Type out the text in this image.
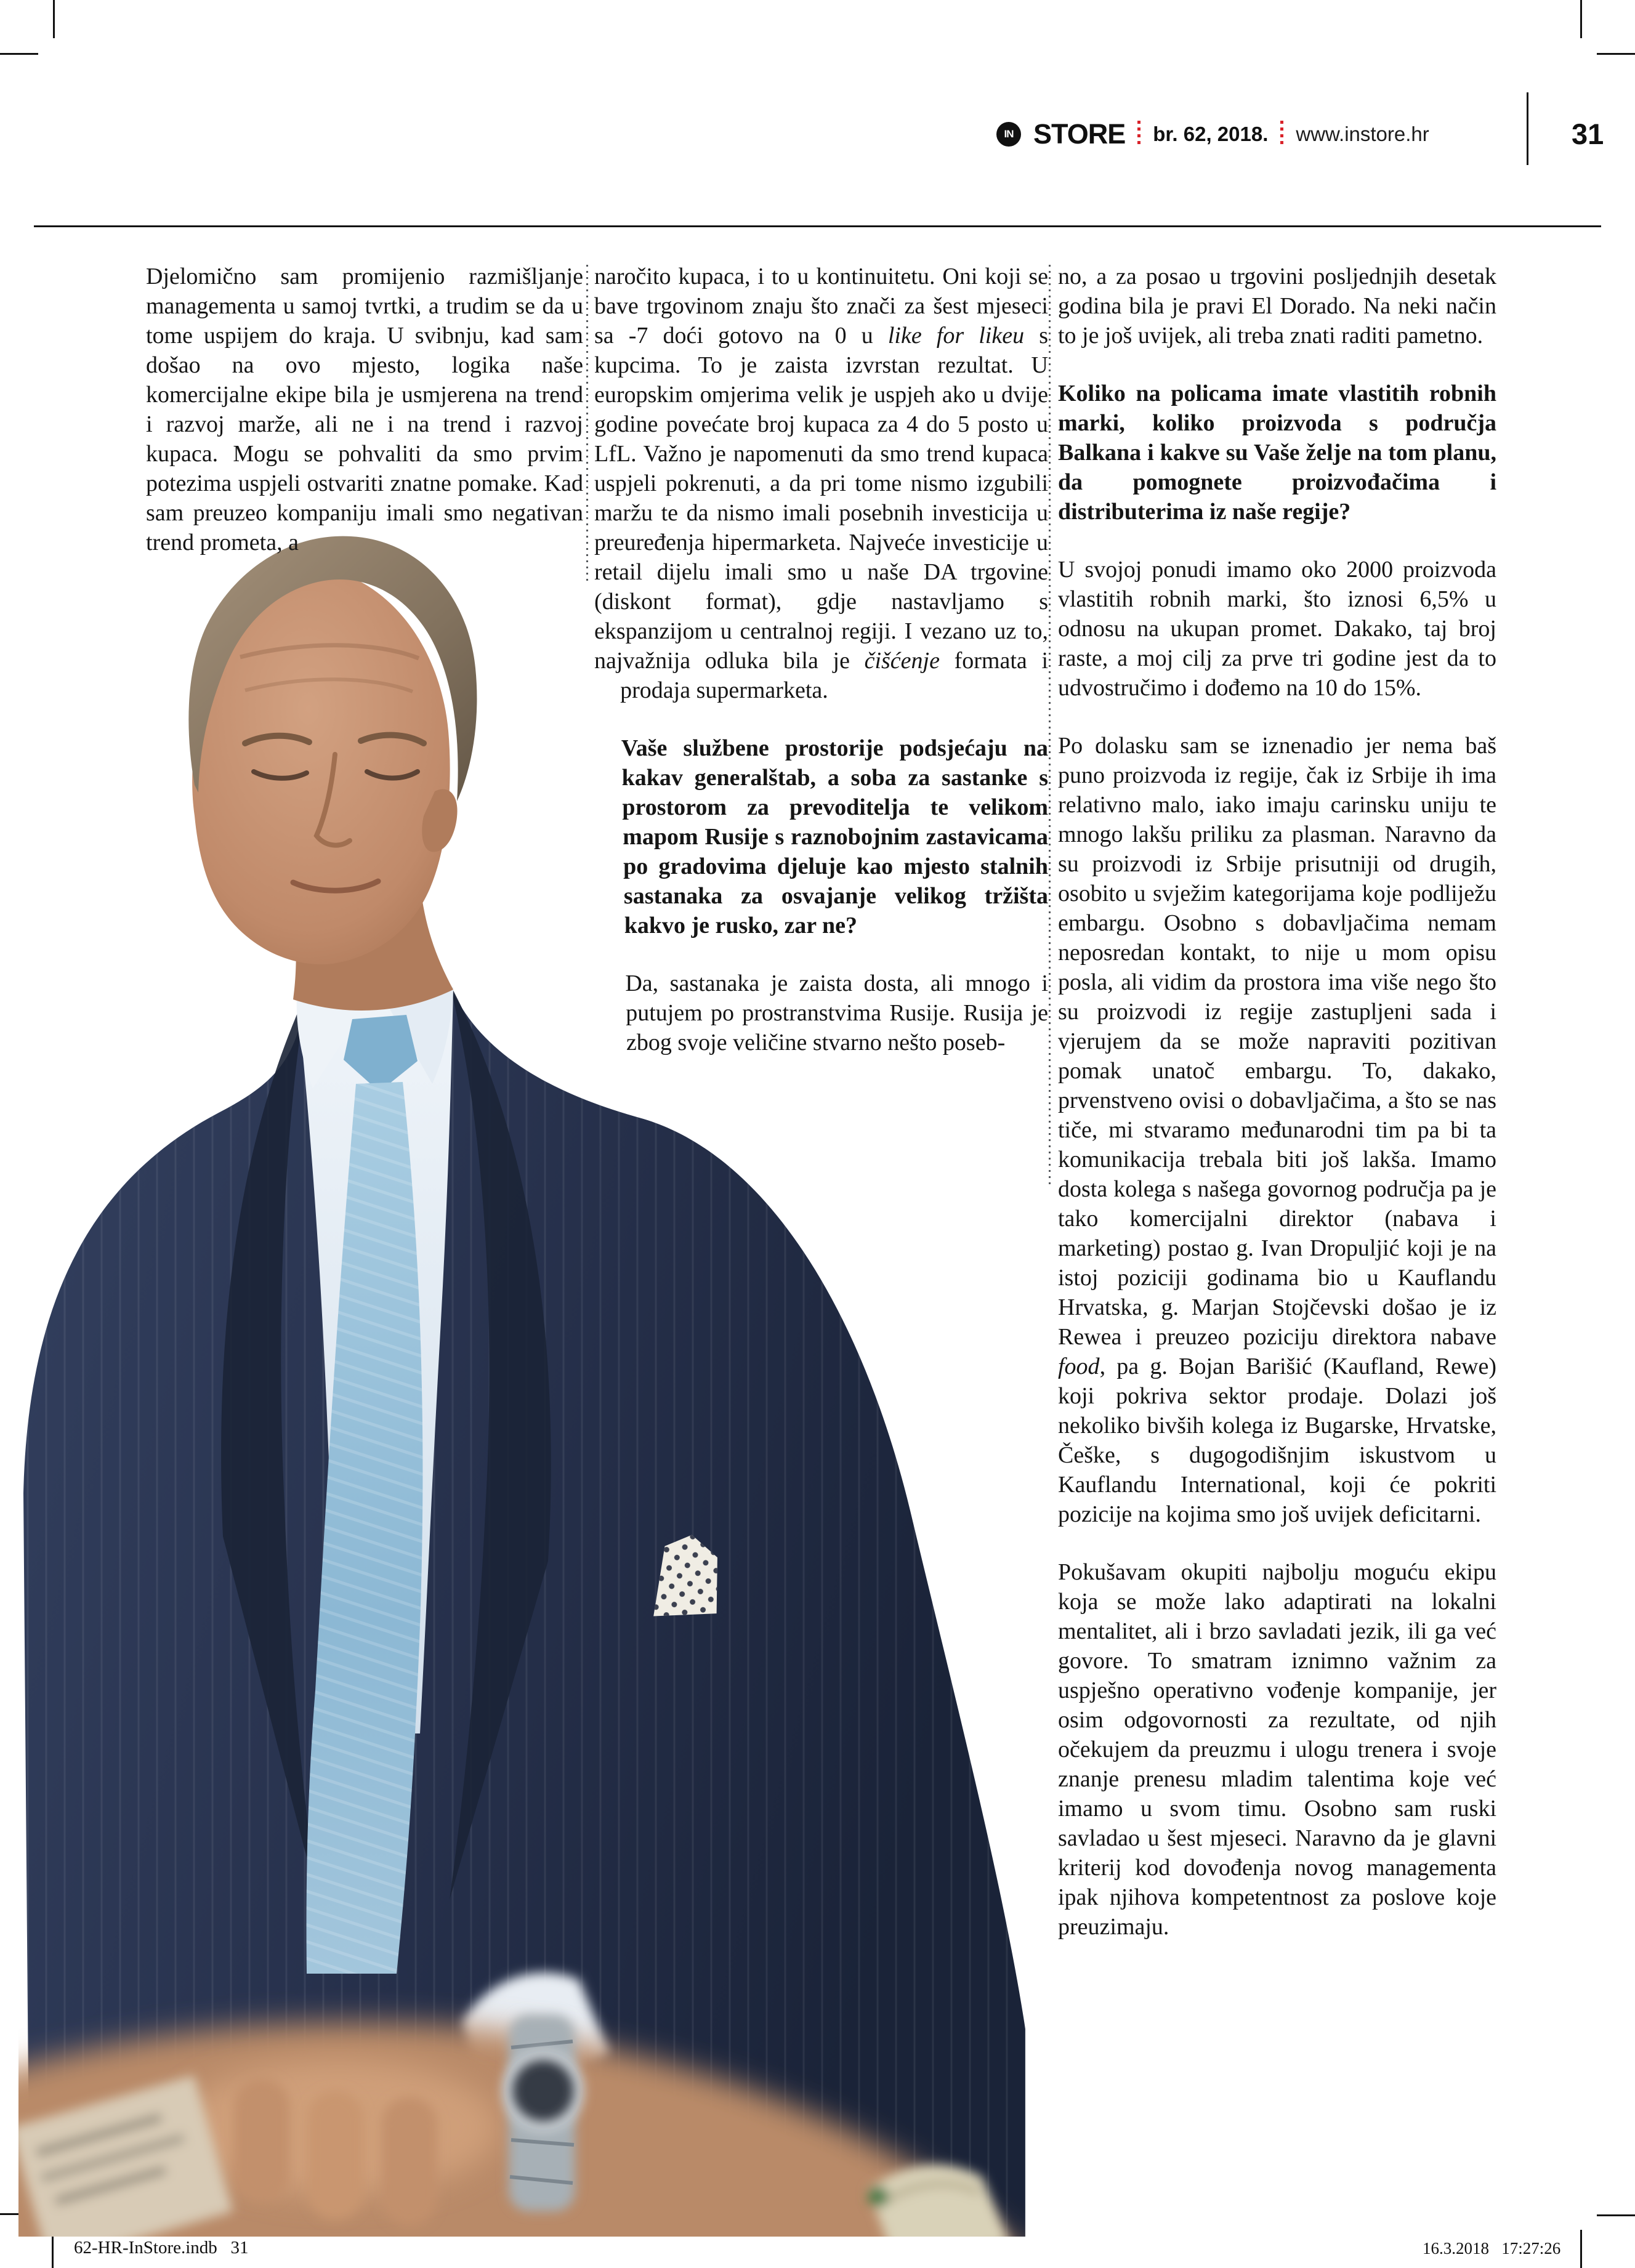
IN STORE br. 62, 2018. www.instore.hr	31

Djelomično sam promijenio razmišljanje managementa u samoj tvrtki, a trudim se da u tome uspijem do kraja. U svibnju, kad sam došao na ovo mjesto, logika naše komercijalne ekipe bila je usmjerena na trend i razvoj marže, ali ne i na trend i razvoj kupaca. Mogu se pohvaliti da smo prvim potezima uspjeli ostvariti znatne pomake. Kad sam preuzeo kompaniju imali smo negativan trend prometa, a

naročito kupaca, i to u kontinuitetu. Oni koji se bave trgovinom znaju što znači za šest mjeseci sa -7 doći gotovo na 0 u like for likeu s kupcima. To je zaista izvrstan rezultat. U europskim omjerima velik je uspjeh ako u dvije godine povećate broj kupaca za 4 do 5 posto u LfL. Važno je napomenuti da smo trend kupaca uspjeli pokrenuti, a da pri tome nismo izgubili maržu te da nismo imali posebnih investicija u preuređenja hipermarketa. Najveće investicije u retail dijelu imali smo u naše DA trgovine (diskont format), gdje nastavljamo s ekspanzijom u centralnoj regiji. I vezano uz to, najvažnija odluka bila je čišćenje formata i prodaja supermarketa.

Vaše službene prostorije podsjećaju na kakav generalštab, a soba za sastanke s prostorom za prevoditelja te velikom mapom Rusije s raznobojnim zastavicama po gradovima djeluje kao mjesto stalnih sastanaka za osvajanje velikog tržišta kakvo je rusko, zar ne?

Da, sastanaka je zaista dosta, ali mnogo i putujem po prostranstvima Rusije. Rusija je zbog svoje veličine stvarno nešto poseb-

no, a za posao u trgovini posljednjih desetak godina bila je pravi El Dorado. Na neki način to je još uvijek, ali treba znati raditi pametno.

Koliko na policama imate vlastitih robnih marki, koliko proizvoda s područja Balkana i kakve su Vaše želje na tom planu, da pomognete proizvođačima i distributerima iz naše regije?

U svojoj ponudi imamo oko 2000 proizvoda vlastitih robnih marki, što iznosi 6,5% u odnosu na ukupan promet. Dakako, taj broj raste, a moj cilj za prve tri godine jest da to udvostručimo i dođemo na 10 do 15%.

Po dolasku sam se iznenadio jer nema baš puno proizvoda iz regije, čak iz Srbije ih ima relativno malo, iako imaju carinsku uniju te mnogo lakšu priliku za plasman. Naravno da su proizvodi iz Srbije prisutniji od drugih, osobito u svježim kategorijama koje podliježu embargu. Osobno s dobavljačima nemam neposredan kontakt, to nije u mom opisu posla, ali vidim da prostora ima više nego što su proizvodi iz regije zastupljeni sada i vjerujem da se može napraviti pozitivan pomak unatoč embargu. To, dakako, prvenstveno ovisi o dobavljačima, a što se nas tiče, mi stvaramo međunarodni tim pa bi ta komunikacija trebala biti još lakša. Imamo dosta kolega s našega govornog područja pa je tako komercijalni direktor (nabava i marketing) postao g. Ivan Dropuljić koji je na istoj poziciji godinama bio u Kauflandu Hrvatska, g. Marjan Stojčevski došao je iz Rewea i preuzeo poziciju direktora nabave food, pa g. Bojan Barišić (Kaufland, Rewe) koji pokriva sektor prodaje. Dolazi još nekoliko bivših kolega iz Bugarske, Hrvatske, Češke, s dugogodišnjim iskustvom u Kauflandu International, koji će pokriti pozicije na kojima smo još uvijek deficitarni.

Pokušavam okupiti najbolju moguću ekipu koja se može lako adaptirati na lokalni mentalitet, ali i brzo savladati jezik, ili ga već govore. To smatram iznimno važnim za uspješno operativno vođenje kompanije, jer osim odgovornosti za rezultate, od njih očekujem da preuzmu i ulogu trenera i svoje znanje prenesu mladim talentima koje već imamo u svom timu. Osobno sam ruski savladao u šest mjeseci. Naravno da je glavni kriterij kod dovođenja novog managementa ipak njihova kompetentnost za poslove koje preuzimaju.

62-HR-InStore.indb   31	16.3.2018   17:27:26
